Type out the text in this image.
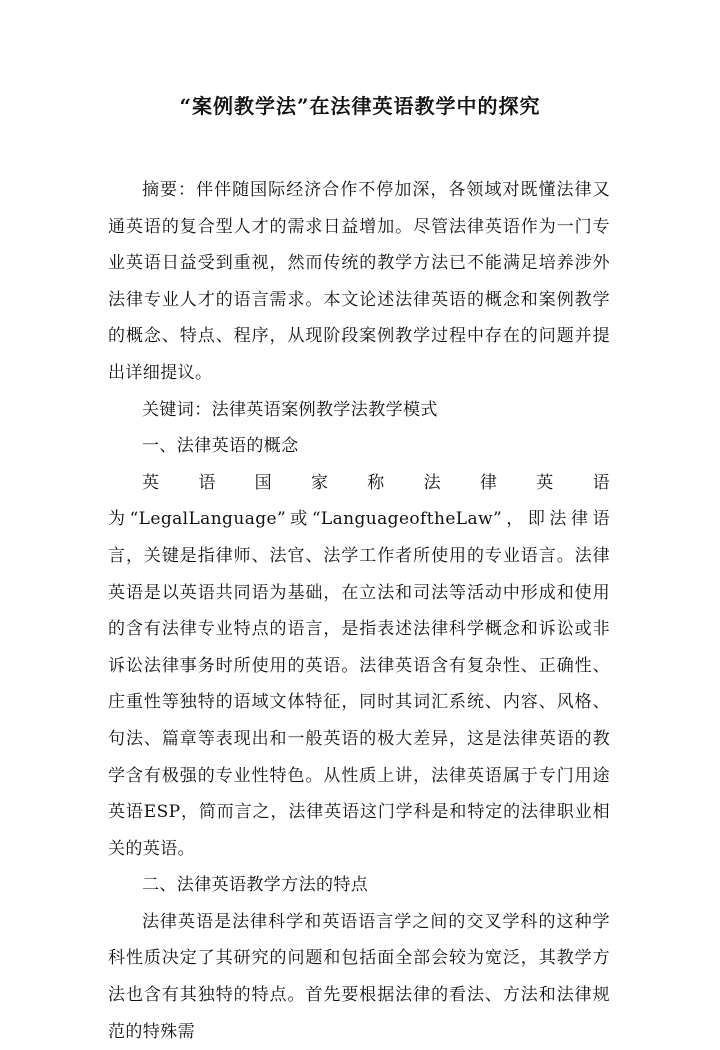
“案例教学法”在法律英语教学中的探究

摘要：伴伴随国际经济合作不停加深，各领域对既懂法律又通英语的复合型人才的需求日益增加。尽管法律英语作为一门专业英语日益受到重视，然而传统的教学方法已不能满足培养涉外法律专业人才的语言需求。本文论述法律英语的概念和案例教学的概念、特点、程序，从现阶段案例教学过程中存在的问题并提出详细提议。

关键词：法律英语案例教学法教学模式

一、法律英语的概念

英语国家称法律英语为“LegalLanguage”或“LanguageoftheLaw”，即法律语言，关键是指律师、法官、法学工作者所使用的专业语言。法律英语是以英语共同语为基础，在立法和司法等活动中形成和使用的含有法律专业特点的语言，是指表述法律科学概念和诉讼或非诉讼法律事务时所使用的英语。法律英语含有复杂性、正确性、庄重性等独特的语域文体特征，同时其词汇系统、内容、风格、句法、篇章等表现出和一般英语的极大差异，这是法律英语的教学含有极强的专业性特色。从性质上讲，法律英语属于专门用途英语ESP，简而言之，法律英语这门学科是和特定的法律职业相关的英语。

二、法律英语教学方法的特点

法律英语是法律科学和英语语言学之间的交叉学科的这种学科性质决定了其研究的问题和包括面全部会较为宽泛，其教学方法也含有其独特的特点。首先要根据法律的看法、方法和法律规范的特殊需
